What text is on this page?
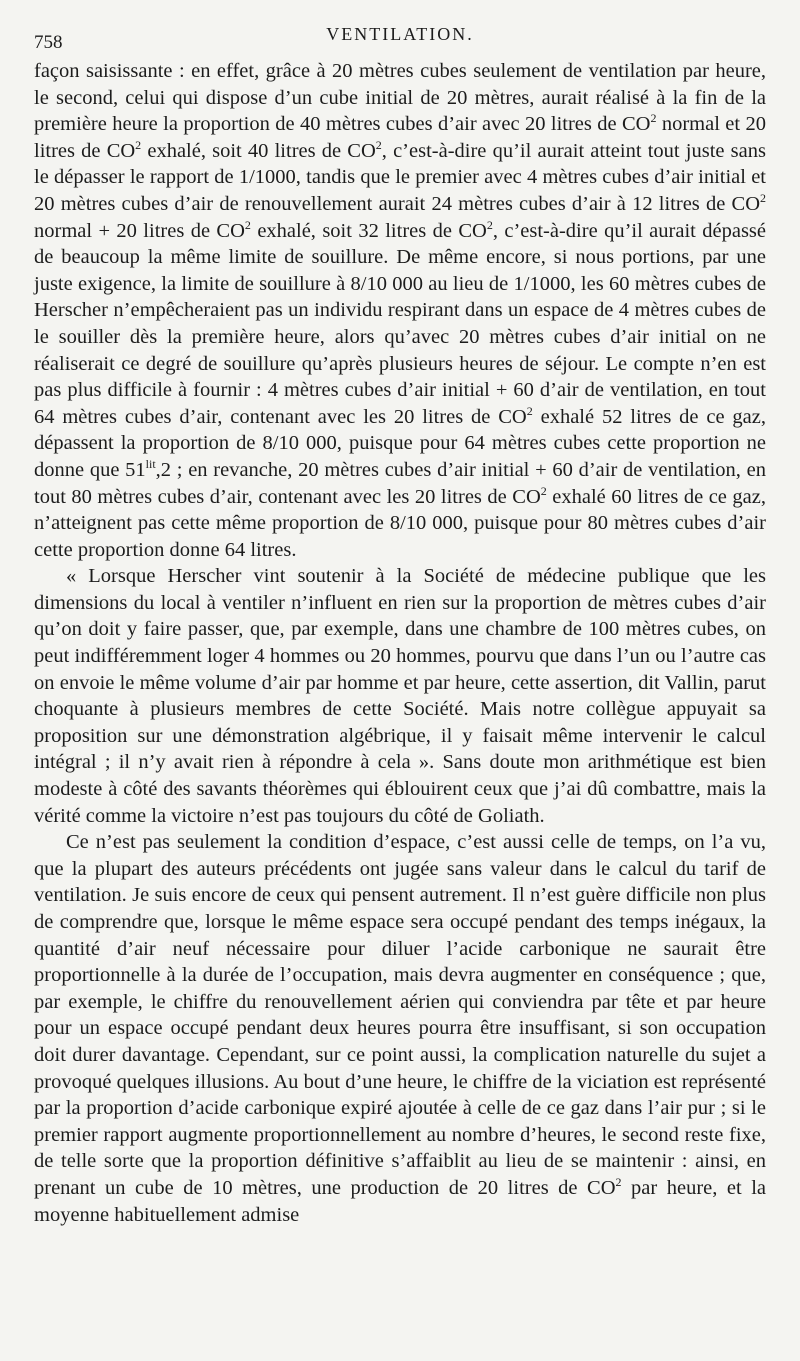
758	VENTILATION.

façon saisissante : en effet, grâce à 20 mètres cubes seulement de ventilation par heure, le second, celui qui dispose d’un cube initial de 20 mètres, aurait réalisé à la fin de la première heure la proportion de 40 mètres cubes d’air avec 20 litres de $CO^2$ normal et 20 litres de $CO^2$ exhalé, soit 40 litres de $CO^2$, c’est-à-dire qu’il aurait atteint tout juste sans le dépasser le rapport de 1/1000, tandis que le premier avec 4 mètres cubes d’air initial et 20 mètres cubes d’air de renouvellement aurait 24 mètres cubes d’air à 12 litres de $CO^2$ normal + 20 litres de $CO^2$ exhalé, soit 32 litres de $CO^2$, c’est-à-dire qu’il aurait dépassé de beaucoup la même limite de souillure. De même encore, si nous portions, par une juste exigence, la limite de souillure à 8/10 000 au lieu de 1/1000, les 60 mètres cubes de Herscher n’empêcheraient pas un individu respirant dans un espace de 4 mètres cubes de le souiller dès la première heure, alors qu’avec 20 mètres cubes d’air initial on ne réaliserait ce degré de souillure qu’après plusieurs heures de séjour. Le compte n’en est pas plus difficile à fournir : 4 mètres cubes d’air initial + 60 d’air de ventilation, en tout 64 mètres cubes d’air, contenant avec les 20 litres de $CO^2$ exhalé 52 litres de ce gaz, dépassent la proportion de 8/10 000, puisque pour 64 mètres cubes cette proportion ne donne que $51^{lit},2$ ; en revanche, 20 mètres cubes d’air initial + 60 d’air de ventilation, en tout 80 mètres cubes d’air, contenant avec les 20 litres de $CO^2$ exhalé 60 litres de ce gaz, n’atteignent pas cette même proportion de 8/10 000, puisque pour 80 mètres cubes d’air cette proportion donne 64 litres.

« Lorsque Herscher vint soutenir à la Société de médecine publique que les dimensions du local à ventiler n’influent en rien sur la proportion de mètres cubes d’air qu’on doit y faire passer, que, par exemple, dans une chambre de 100 mètres cubes, on peut indifféremment loger 4 hommes ou 20 hommes, pourvu que dans l’un ou l’autre cas on envoie le même volume d’air par homme et par heure, cette assertion, dit Vallin, parut choquante à plusieurs membres de cette Société. Mais notre collègue appuyait sa proposition sur une démonstration algébrique, il y faisait même intervenir le calcul intégral ; il n’y avait rien à répondre à cela ». Sans doute mon arithmétique est bien modeste à côté des savants théorèmes qui éblouirent ceux que j’ai dû combattre, mais la vérité comme la victoire n’est pas toujours du côté de Goliath.

Ce n’est pas seulement la condition d’espace, c’est aussi celle de temps, on l’a vu, que la plupart des auteurs précédents ont jugée sans valeur dans le calcul du tarif de ventilation. Je suis encore de ceux qui pensent autrement. Il n’est guère difficile non plus de comprendre que, lorsque le même espace sera occupé pendant des temps inégaux, la quantité d’air neuf nécessaire pour diluer l’acide carbonique ne saurait être proportionnelle à la durée de l’occupation, mais devra augmenter en conséquence ; que, par exemple, le chiffre du renouvellement aérien qui conviendra par tête et par heure pour un espace occupé pendant deux heures pourra être insuffisant, si son occupation doit durer davantage. Cependant, sur ce point aussi, la complication naturelle du sujet a provoqué quelques illusions. Au bout d’une heure, le chiffre de la viciation est représenté par la proportion d’acide carbonique expiré ajoutée à celle de ce gaz dans l’air pur ; si le premier rapport augmente proportionnellement au nombre d’heures, le second reste fixe, de telle sorte que la proportion définitive s’affaiblit au lieu de se maintenir : ainsi, en prenant un cube de 10 mètres, une production de 20 litres de $CO^2$ par heure, et la moyenne habituellement admise
